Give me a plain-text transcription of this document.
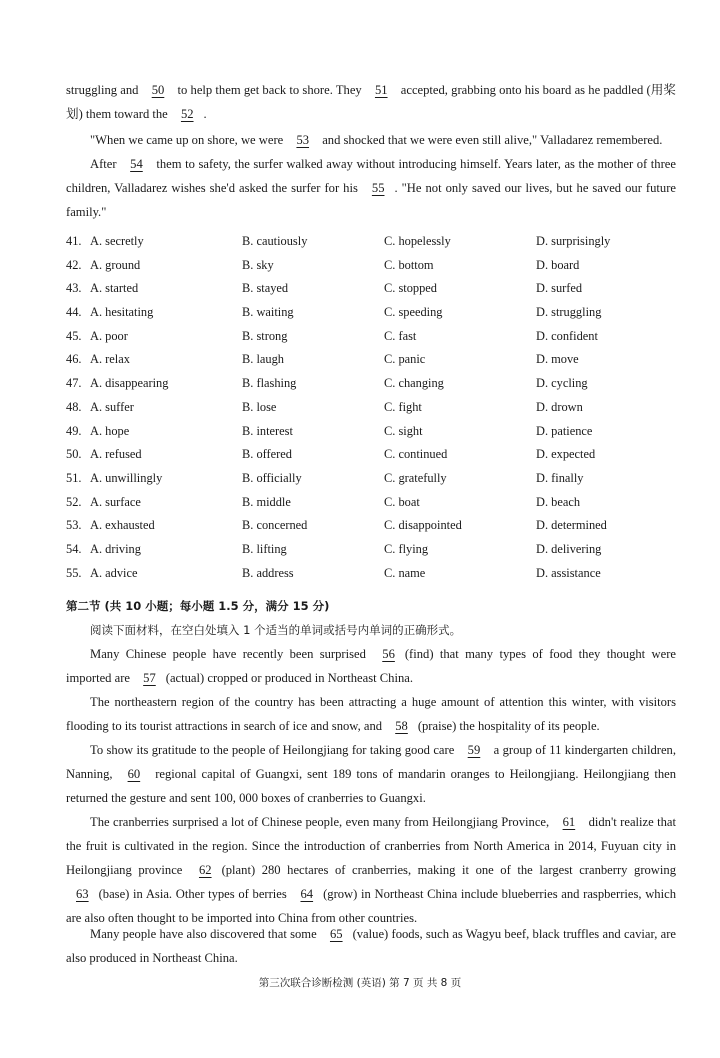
struggling and 50 to help them get back to shore. They 51 accepted, grabbing onto his board as he paddled (用桨划) them toward the 52 .

"When we came up on shore, we were 53 and shocked that we were even still alive," Valladarez remembered.

After 54 them to safety, the surfer walked away without introducing himself. Years later, as the mother of three children, Valladarez wishes she'd asked the surfer for his 55 . "He not only saved our lives, but he saved our future family."

41. A. secretly	B. cautiously	C. hopelessly	D. surprisingly
42. A. ground	B. sky	C. bottom	D. board
43. A. started	B. stayed	C. stopped	D. surfed
44. A. hesitating	B. waiting	C. speeding	D. struggling
45. A. poor	B. strong	C. fast	D. confident
46. A. relax	B. laugh	C. panic	D. move
47. A. disappearing	B. flashing	C. changing	D. cycling
48. A. suffer	B. lose	C. fight	D. drown
49. A. hope	B. interest	C. sight	D. patience
50. A. refused	B. offered	C. continued	D. expected
51. A. unwillingly	B. officially	C. gratefully	D. finally
52. A. surface	B. middle	C. boat	D. beach
53. A. exhausted	B. concerned	C. disappointed	D. determined
54. A. driving	B. lifting	C. flying	D. delivering
55. A. advice	B. address	C. name	D. assistance

第二节 (共 10 小题；每小题 1.5 分，满分 15 分)

阅读下面材料，在空白处填入 1 个适当的单词或括号内单词的正确形式。

Many Chinese people have recently been surprised 56 (find) that many types of food they thought were imported are 57 (actual) cropped or produced in Northeast China.

The northeastern region of the country has been attracting a huge amount of attention this winter, with visitors flooding to its tourist attractions in search of ice and snow, and 58 (praise) the hospitality of its people.

To show its gratitude to the people of Heilongjiang for taking good care 59 a group of 11 kindergarten children, Nanning, 60 regional capital of Guangxi, sent 189 tons of mandarin oranges to Heilongjiang. Heilongjiang then returned the gesture and sent 100, 000 boxes of cranberries to Guangxi.

The cranberries surprised a lot of Chinese people, even many from Heilongjiang Province, 61 didn't realize that the fruit is cultivated in the region. Since the introduction of cranberries from North America in 2014, Fuyuan city in Heilongjiang province 62 (plant) 280 hectares of cranberries, making it one of the largest cranberry growing 63 (base) in Asia. Other types of berries 64 (grow) in Northeast China include blueberries and raspberries, which are also often thought to be imported into China from other countries.

Many people have also discovered that some 65 (value) foods, such as Wagyu beef, black truffles and caviar, are also produced in Northeast China.

第三次联合诊断检测 (英语) 第 7 页 共 8 页
